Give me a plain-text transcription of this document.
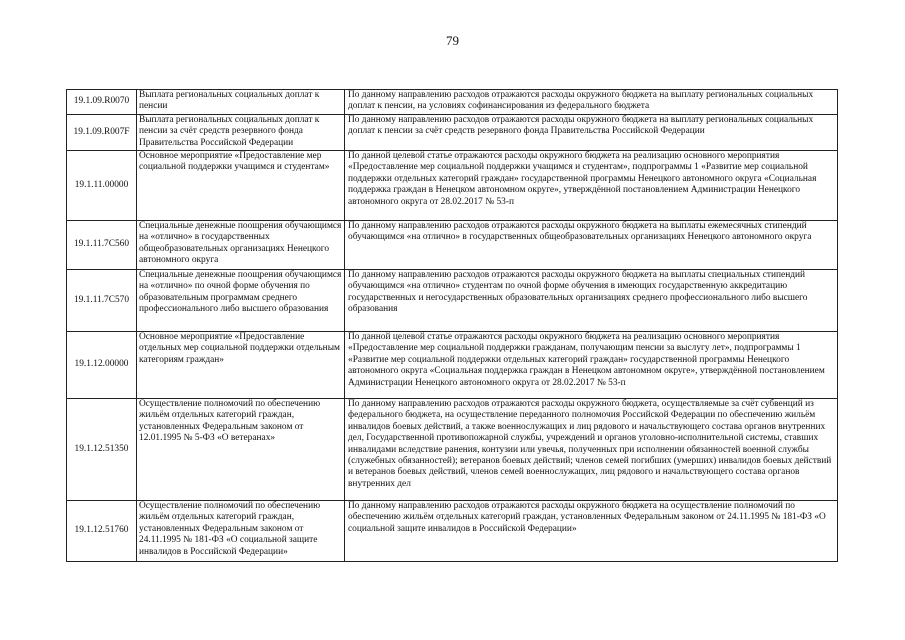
79
19.1.09.R0070	Выплата региональных социальных доплат к пенсии	По данному направлению расходов отражаются расходы окружного бюджета на выплату региональных социальных доплат к пенсии, на условиях софинансирования из федерального бюджета
19.1.09.R007F	Выплата региональных социальных доплат к пенсии за счёт средств резервного фонда Правительства Российской Федерации	По данному направлению расходов отражаются расходы окружного бюджета на выплату региональных социальных доплат к пенсии за счёт средств резервного фонда Правительства Российской Федерации
19.1.11.00000	Основное мероприятие «Предоставление мер социальной поддержки учащимся и студентам»	По данной целевой статье отражаются расходы окружного бюджета на реализацию основного мероприятия «Предоставление мер социальной поддержки учащимся и студентам», подпрограммы 1 «Развитие мер социальной поддержки отдельных категорий граждан» государственной программы Ненецкого автономного округа «Социальная поддержка граждан в Ненецком автономном округе», утверждённой постановлением Администрации Ненецкого автономного округа от 28.02.2017 № 53-п
19.1.11.7C560	Специальные денежные поощрения обучающимся на «отлично» в государственных общеобразовательных организациях Ненецкого автономного округа	По данному направлению расходов отражаются расходы окружного бюджета на выплаты ежемесячных стипендий обучающимся «на отлично» в государственных общеобразовательных организациях Ненецкого автономного округа
19.1.11.7C570	Специальные денежные поощрения обучающимся на «отлично» по очной форме обучения по образовательным программам среднего профессионального либо высшего образования	По данному направлению расходов отражаются расходы окружного бюджета на выплаты специальных стипендий обучающимся «на отлично» студентам по очной форме обучения в имеющих государственную аккредитацию государственных и негосударственных образовательных организациях среднего профессионального либо высшего образования
19.1.12.00000	Основное мероприятие «Предоставление отдельных мер социальной поддержки отдельным категориям граждан»	По данной целевой статье отражаются расходы окружного бюджета на реализацию основного мероприятия «Предоставление мер социальной поддержки гражданам, получающим пенсии за выслугу лет», подпрограммы 1 «Развитие мер социальной поддержки отдельных категорий граждан» государственной программы Ненецкого автономного округа «Социальная поддержка граждан в Ненецком автономном округе», утверждённой постановлением Администрации Ненецкого автономного округа от 28.02.2017 № 53-п
19.1.12.51350	Осуществление полномочий по обеспечению жильём отдельных категорий граждан, установленных Федеральным законом от 12.01.1995 № 5-ФЗ «О ветеранах»	По данному направлению расходов отражаются расходы окружного бюджета, осуществляемые за счёт субвенций из федерального бюджета, на осуществление переданного полномочия Российской Федерации по обеспечению жильём инвалидов боевых действий, а также военнослужащих и лиц рядового и начальствующего состава органов внутренних дел, Государственной противопожарной службы, учреждений и органов уголовно-исполнительной системы, ставших инвалидами вследствие ранения, контузии или увечья, полученных при исполнении обязанностей военной службы (служебных обязанностей); ветеранов боевых действий; членов семей погибших (умерших) инвалидов боевых действий и ветеранов боевых действий, членов семей военнослужащих, лиц рядового и начальствующего состава органов внутренних дел
19.1.12.51760	Осуществление полномочий по обеспечению жильём отдельных категорий граждан, установленных Федеральным законом от 24.11.1995 № 181-ФЗ «О социальной защите инвалидов в Российской Федерации»	По данному направлению расходов отражаются расходы окружного бюджета на осуществление полномочий по обеспечению жильём отдельных категорий граждан, установленных Федеральным законом от 24.11.1995 № 181-ФЗ «О социальной защите инвалидов в Российской Федерации»
